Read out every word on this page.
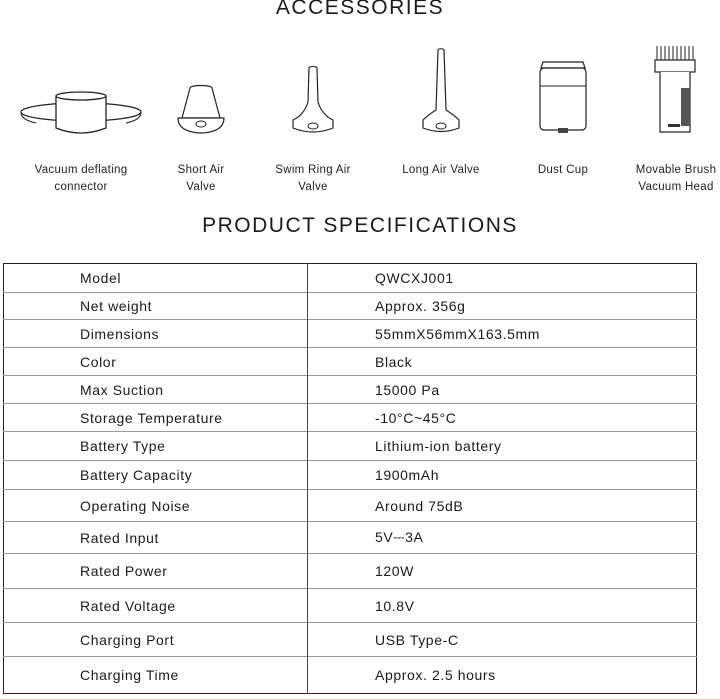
ACCESSORIES
Vacuum deflating
connector
Short Air
Valve
Swim Ring Air
Valve
Long Air Valve	Dust Cup	Movable Brush
Vacuum Head
PRODUCT SPECIFICATIONS
Model	QWCXJ001
Net weight	Approx. 356g
Dimensions	55mmX56mmX163.5mm
Color	Black
Max Suction	15000 Pa
Storage Temperature	-10°C~45°C
Battery Type	Lithium-ion battery
Battery Capacity	1900mAh
Operating Noise	Around 75dB
Rated Input	5V⎓3A
Rated Power	120W
Rated Voltage	10.8V
Charging Port	USB Type-C
Charging Time	Approx. 2.5 hours
